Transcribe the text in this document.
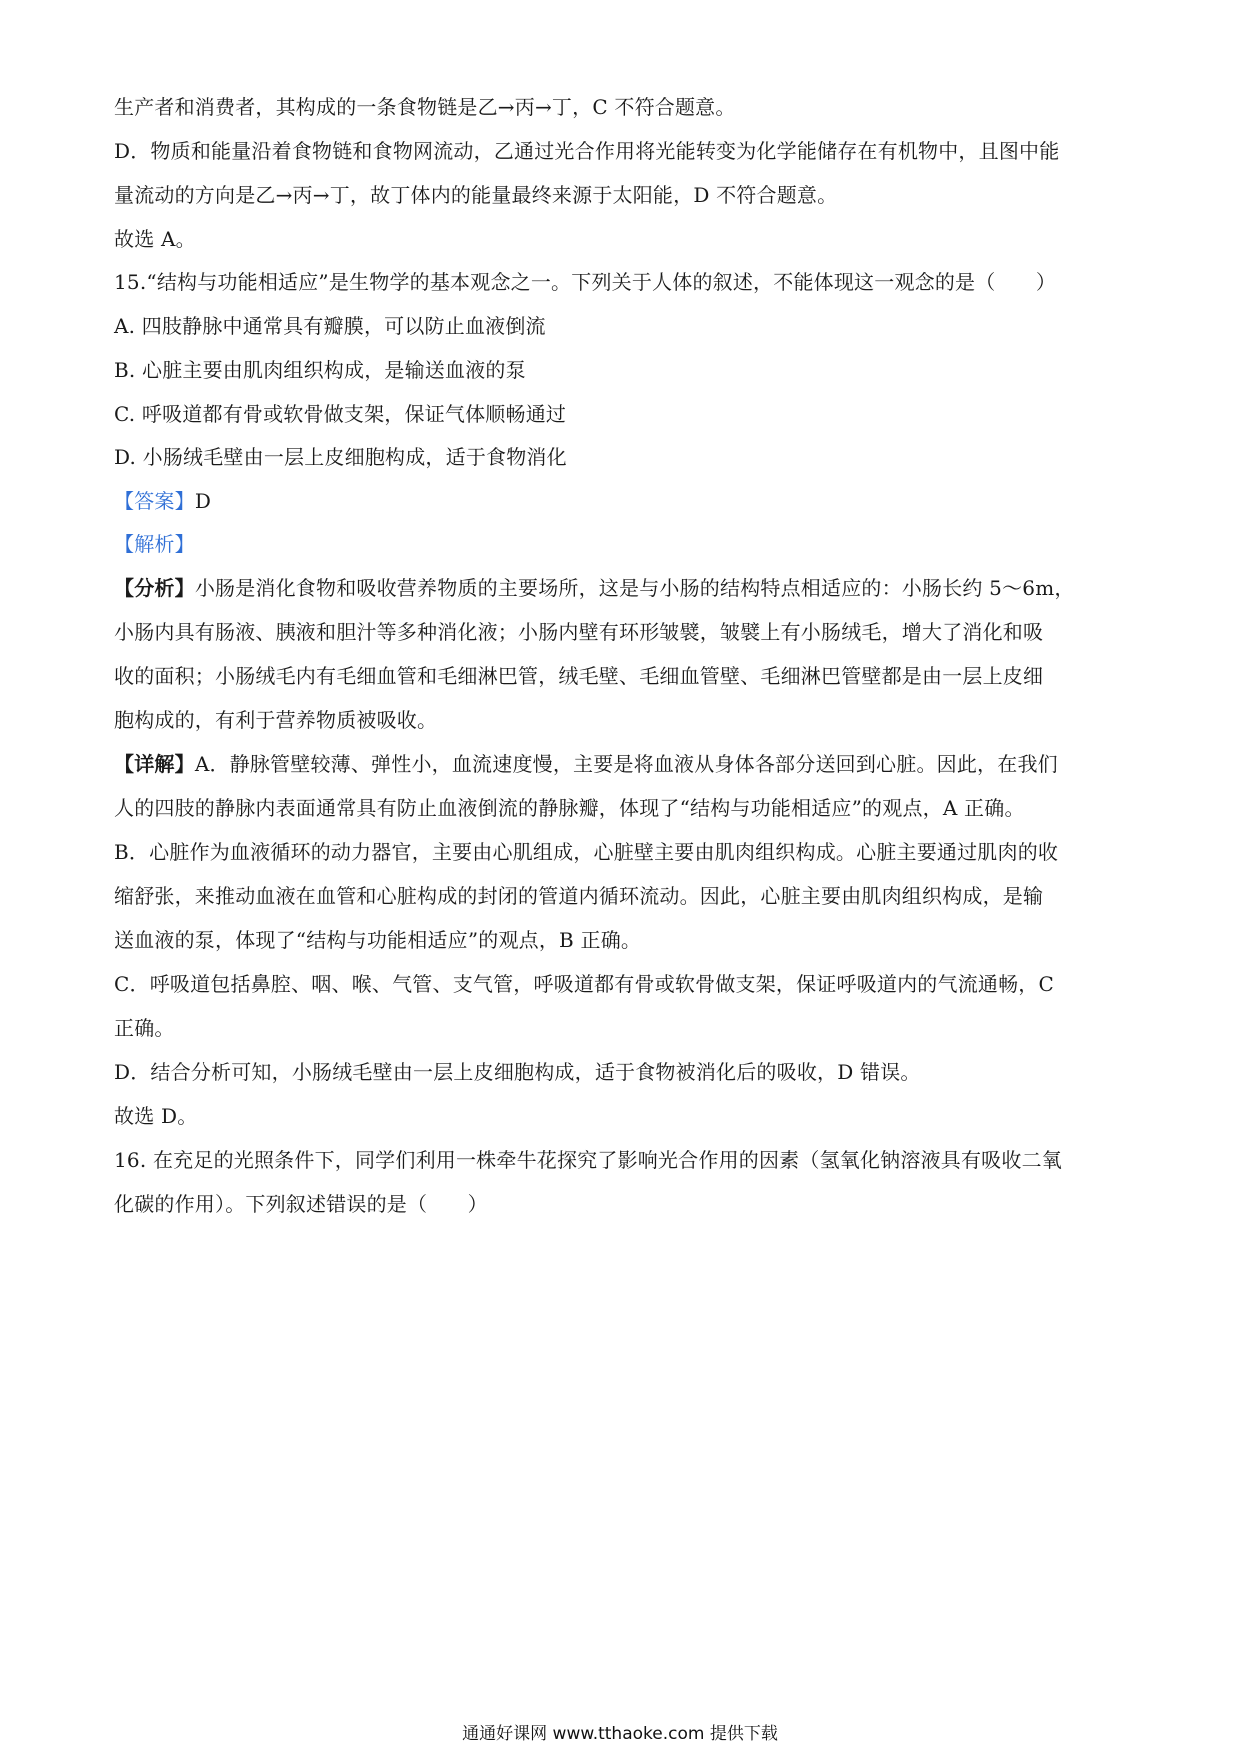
生产者和消费者，其构成的一条食物链是乙→丙→丁，C 不符合题意。
D．物质和能量沿着食物链和食物网流动，乙通过光合作用将光能转变为化学能储存在有机物中，且图中能
量流动的方向是乙→丙→丁，故丁体内的能量最终来源于太阳能，D 不符合题意。
故选 A。
15.“结构与功能相适应”是生物学的基本观念之一。下列关于人体的叙述，不能体现这一观念的是（　　）
A. 四肢静脉中通常具有瓣膜，可以防止血液倒流
B. 心脏主要由肌肉组织构成，是输送血液的泵
C. 呼吸道都有骨或软骨做支架，保证气体顺畅通过
D. 小肠绒毛壁由一层上皮细胞构成，适于食物消化
【答案】D
【解析】
【分析】小肠是消化食物和吸收营养物质的主要场所，这是与小肠的结构特点相适应的：小肠长约 5～6m，
小肠内具有肠液、胰液和胆汁等多种消化液；小肠内壁有环形皱襞，皱襞上有小肠绒毛，增大了消化和吸
收的面积；小肠绒毛内有毛细血管和毛细淋巴管，绒毛壁、毛细血管壁、毛细淋巴管壁都是由一层上皮细
胞构成的，有利于营养物质被吸收。
【详解】A．静脉管壁较薄、弹性小，血流速度慢，主要是将血液从身体各部分送回到心脏。因此，在我们
人的四肢的静脉内表面通常具有防止血液倒流的静脉瓣，体现了“结构与功能相适应”的观点，A 正确。
B．心脏作为血液循环的动力器官，主要由心肌组成，心脏壁主要由肌肉组织构成。心脏主要通过肌肉的收
缩舒张，来推动血液在血管和心脏构成的封闭的管道内循环流动。因此，心脏主要由肌肉组织构成，是输
送血液的泵，体现了“结构与功能相适应”的观点，B 正确。
C．呼吸道包括鼻腔、咽、喉、气管、支气管，呼吸道都有骨或软骨做支架，保证呼吸道内的气流通畅，C
正确。
D．结合分析可知，小肠绒毛壁由一层上皮细胞构成，适于食物被消化后的吸收，D 错误。
故选 D。
16. 在充足的光照条件下，同学们利用一株牵牛花探究了影响光合作用的因素（氢氧化钠溶液具有吸收二氧
化碳的作用）。下列叙述错误的是（　　）
通通好课网 www.tthaoke.com 提供下载
